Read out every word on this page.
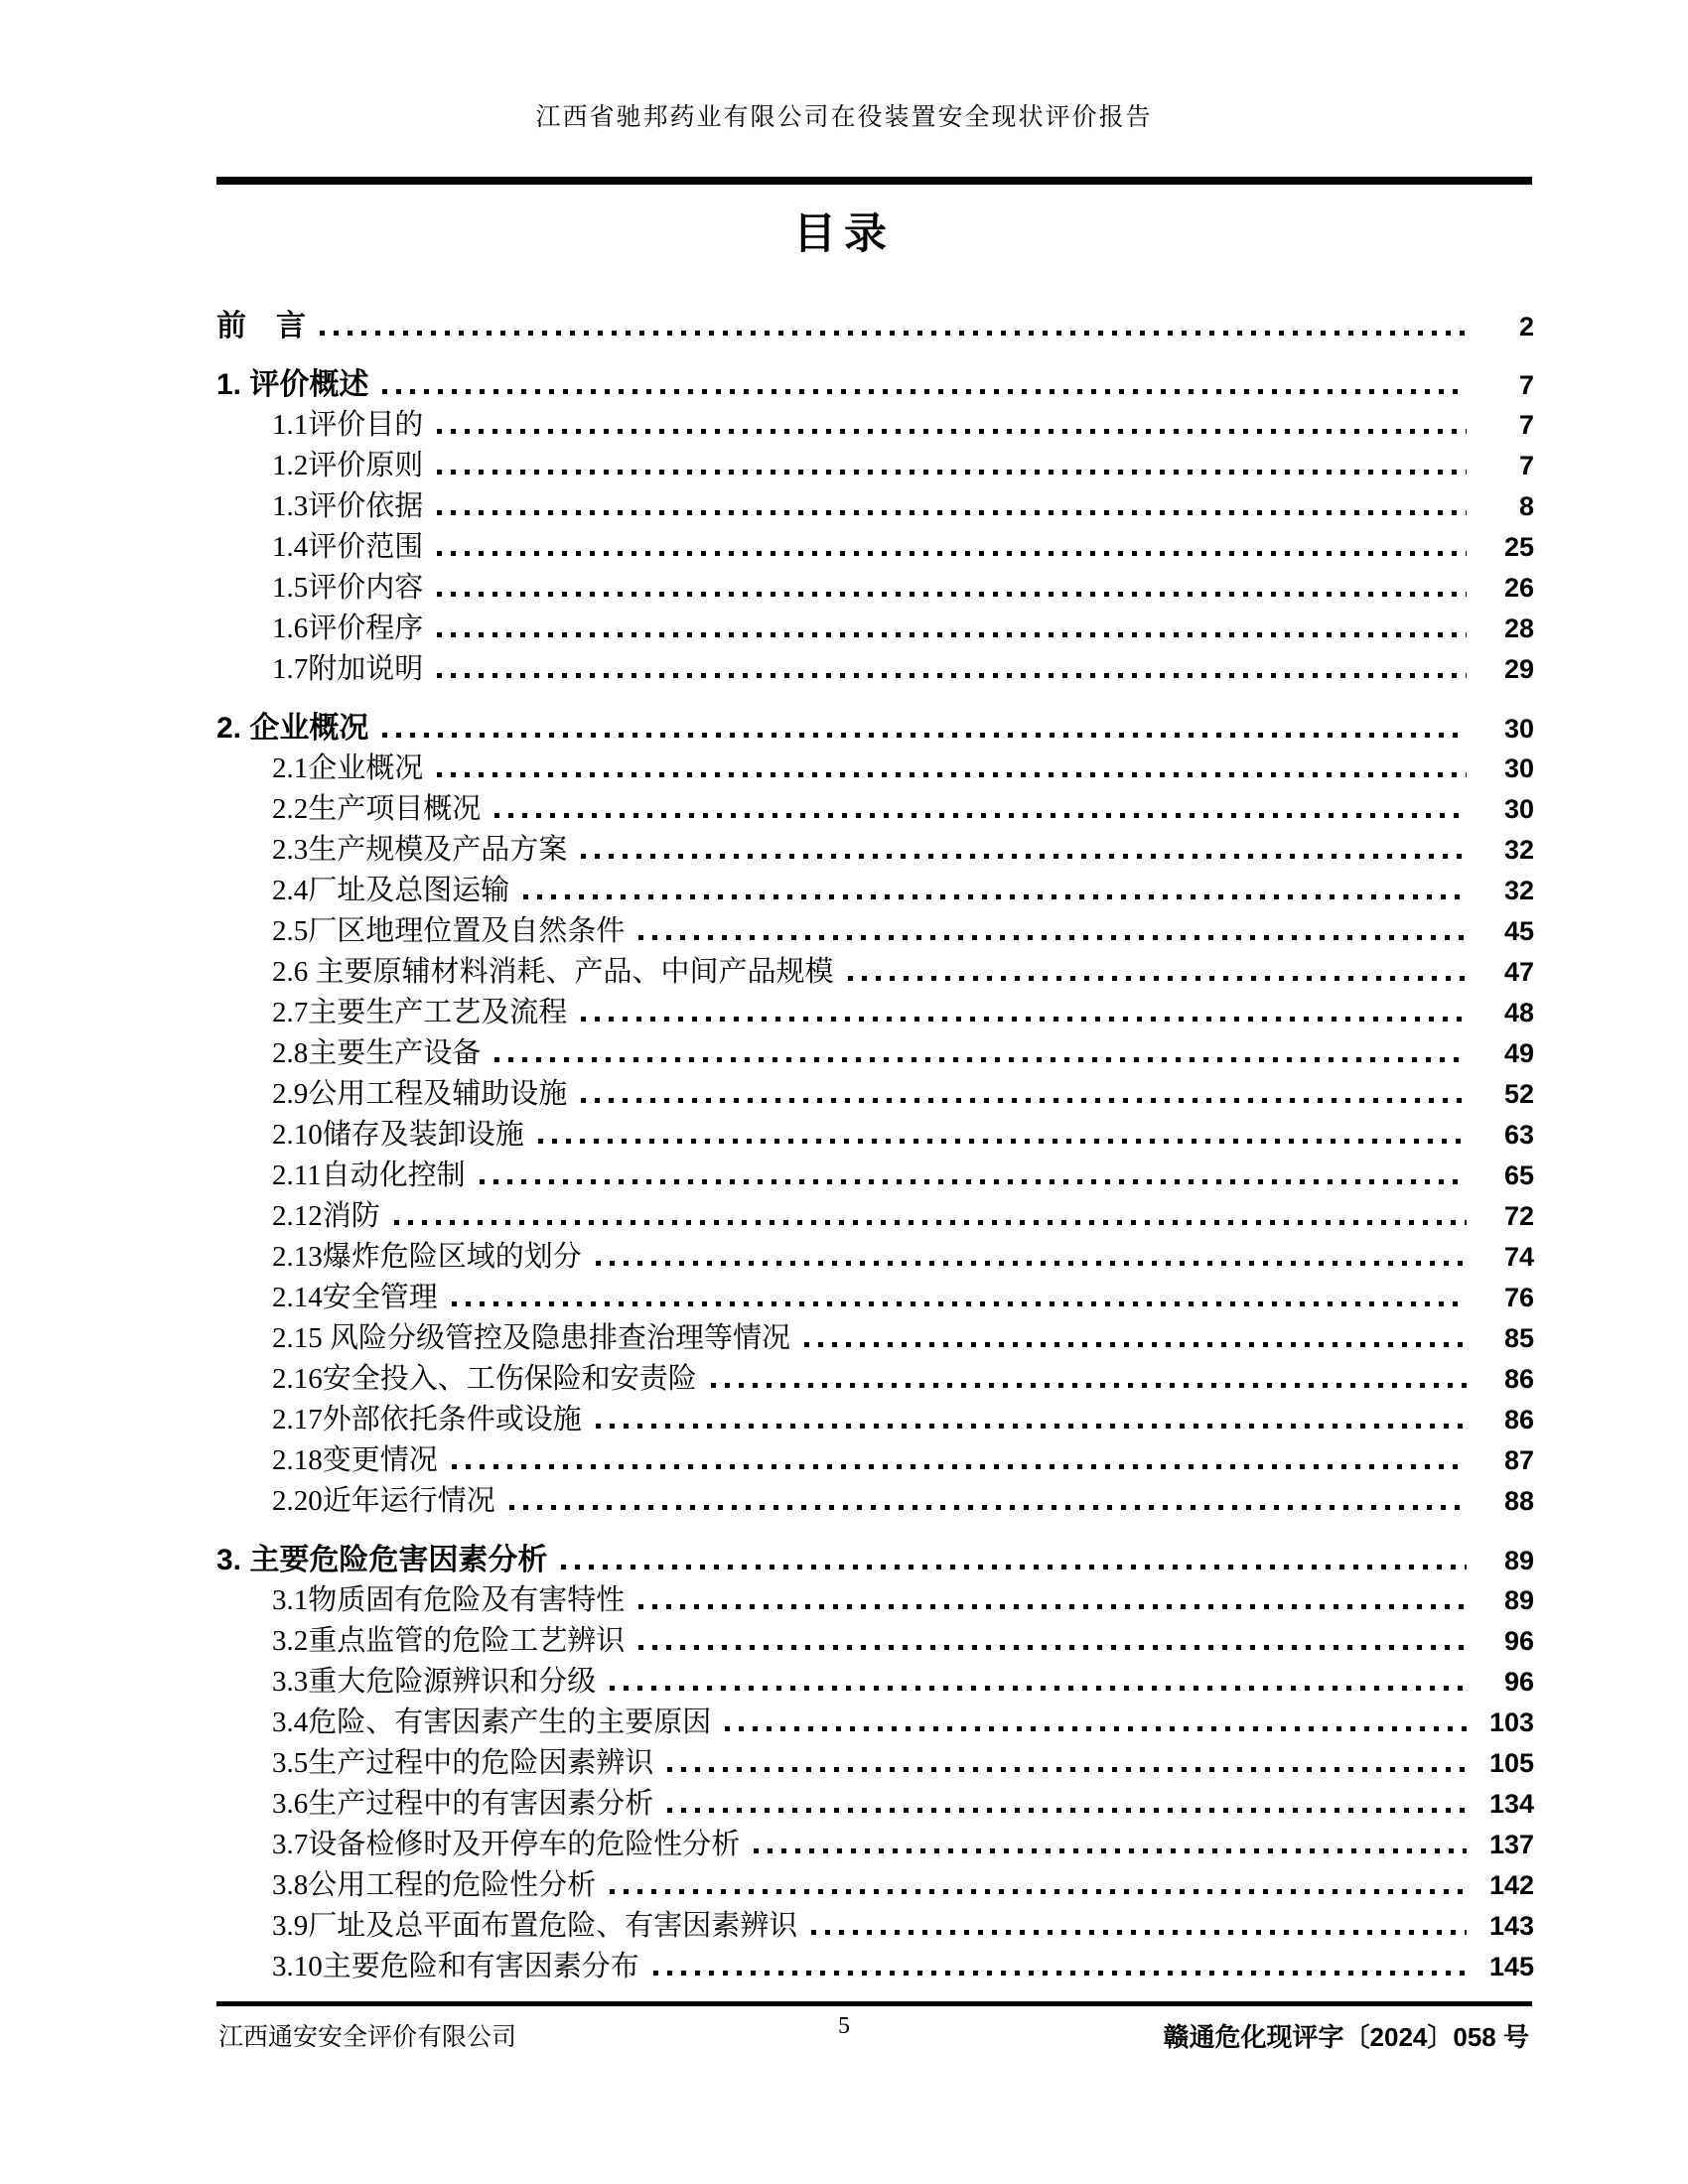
江西省驰邦药业有限公司在役装置安全现状评价报告
目录
前　言	2
1. 评价概述	7
1.1评价目的	7
1.2评价原则	7
1.3评价依据	8
1.4评价范围	25
1.5评价内容	26
1.6评价程序	28
1.7附加说明	29
2. 企业概况	30
2.1企业概况	30
2.2生产项目概况	30
2.3生产规模及产品方案	32
2.4厂址及总图运输	32
2.5厂区地理位置及自然条件	45
2.6 主要原辅材料消耗、产品、中间产品规模	47
2.7主要生产工艺及流程	48
2.8主要生产设备	49
2.9公用工程及辅助设施	52
2.10储存及装卸设施	63
2.11自动化控制	65
2.12消防	72
2.13爆炸危险区域的划分	74
2.14安全管理	76
2.15 风险分级管控及隐患排查治理等情况	85
2.16安全投入、工伤保险和安责险	86
2.17外部依托条件或设施	86
2.18变更情况	87
2.20近年运行情况	88
3. 主要危险危害因素分析	89
3.1物质固有危险及有害特性	89
3.2重点监管的危险工艺辨识	96
3.3重大危险源辨识和分级	96
3.4危险、有害因素产生的主要原因	103
3.5生产过程中的危险因素辨识	105
3.6生产过程中的有害因素分析	134
3.7设备检修时及开停车的危险性分析	137
3.8公用工程的危险性分析	142
3.9厂址及总平面布置危险、有害因素辨识	143
3.10主要危险和有害因素分布	145
江西通安安全评价有限公司	5	赣通危化现评字〔2024〕058 号
